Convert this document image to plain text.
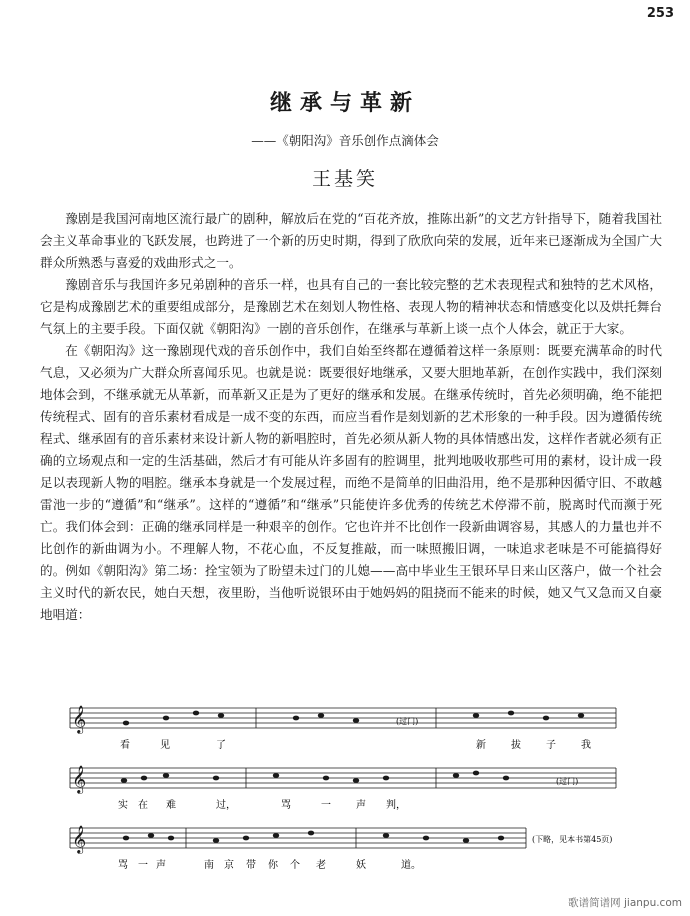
253
继承与革新
——《朝阳沟》音乐创作点滴体会
王基笑

豫剧是我国河南地区流行最广的剧种，解放后在党的“百花齐放，推陈出新”的文艺方针指导下，随着我国社会主义革命事业的飞跃发展，也跨进了一个新的历史时期，得到了欣欣向荣的发展，近年来已逐渐成为全国广大群众所熟悉与喜爱的戏曲形式之一。

豫剧音乐与我国许多兄弟剧种的音乐一样，也具有自己的一套比较完整的艺术表现程式和独特的艺术风格，它是构成豫剧艺术的重要组成部分，是豫剧艺术在刻划人物性格、表现人物的精神状态和情感变化以及烘托舞台气氛上的主要手段。下面仅就《朝阳沟》一剧的音乐创作，在继承与革新上谈一点个人体会，就正于大家。

在《朝阳沟》这一豫剧现代戏的音乐创作中，我们自始至终都在遵循着这样一条原则：既要充满革命的时代气息，又必须为广大群众所喜闻乐见。也就是说：既要很好地继承，又要大胆地革新，在创作实践中，我们深刻地体会到，不继承就无从革新，而革新又正是为了更好的继承和发展。在继承传统时，首先必须明确，绝不能把传统程式、固有的音乐素材看成是一成不变的东西，而应当看作是刻划新的艺术形象的一种手段。因为遵循传统程式、继承固有的音乐素材来设计新人物的新唱腔时，首先必须从新人物的具体情感出发，这样作者就必须有正确的立场观点和一定的生活基础，然后才有可能从许多固有的腔调里，批判地吸收那些可用的素材，设计成一段足以表现新人物的唱腔。继承本身就是一个发展过程，而绝不是简单的旧曲沿用，绝不是那种因循守旧、不敢越雷池一步的“遵循”和“继承”。这样的“遵循”和“继承”只能使许多优秀的传统艺术停滞不前，脱离时代而濒于死亡。我们体会到：正确的继承同样是一种艰辛的创作。它也许并不比创作一段新曲调容易，其感人的力量也并不比创作的新曲调为小。不理解人物，不花心血，不反复推敲，而一味照搬旧调，一味追求老味是不可能搞得好的。例如《朝阳沟》第二场：拴宝领为了盼望未过门的儿媳——高中毕业生王银环早日来山区落户，做一个社会主义时代的新农民，她白天想，夜里盼，当他听说银环由于她妈妈的阻挠而不能来的时候，她又气又急而又自豪地唱道：

𝄞
看	见	了
(过门)
新	拔	子	我
𝄞
实 在 难	过，	骂	一	声 判，
(过门)
𝄞	(下略，见本书第45页)
骂 一 声	南 京 带 你 个 老	妖	道。
歌谱简谱网 jianpu.com
